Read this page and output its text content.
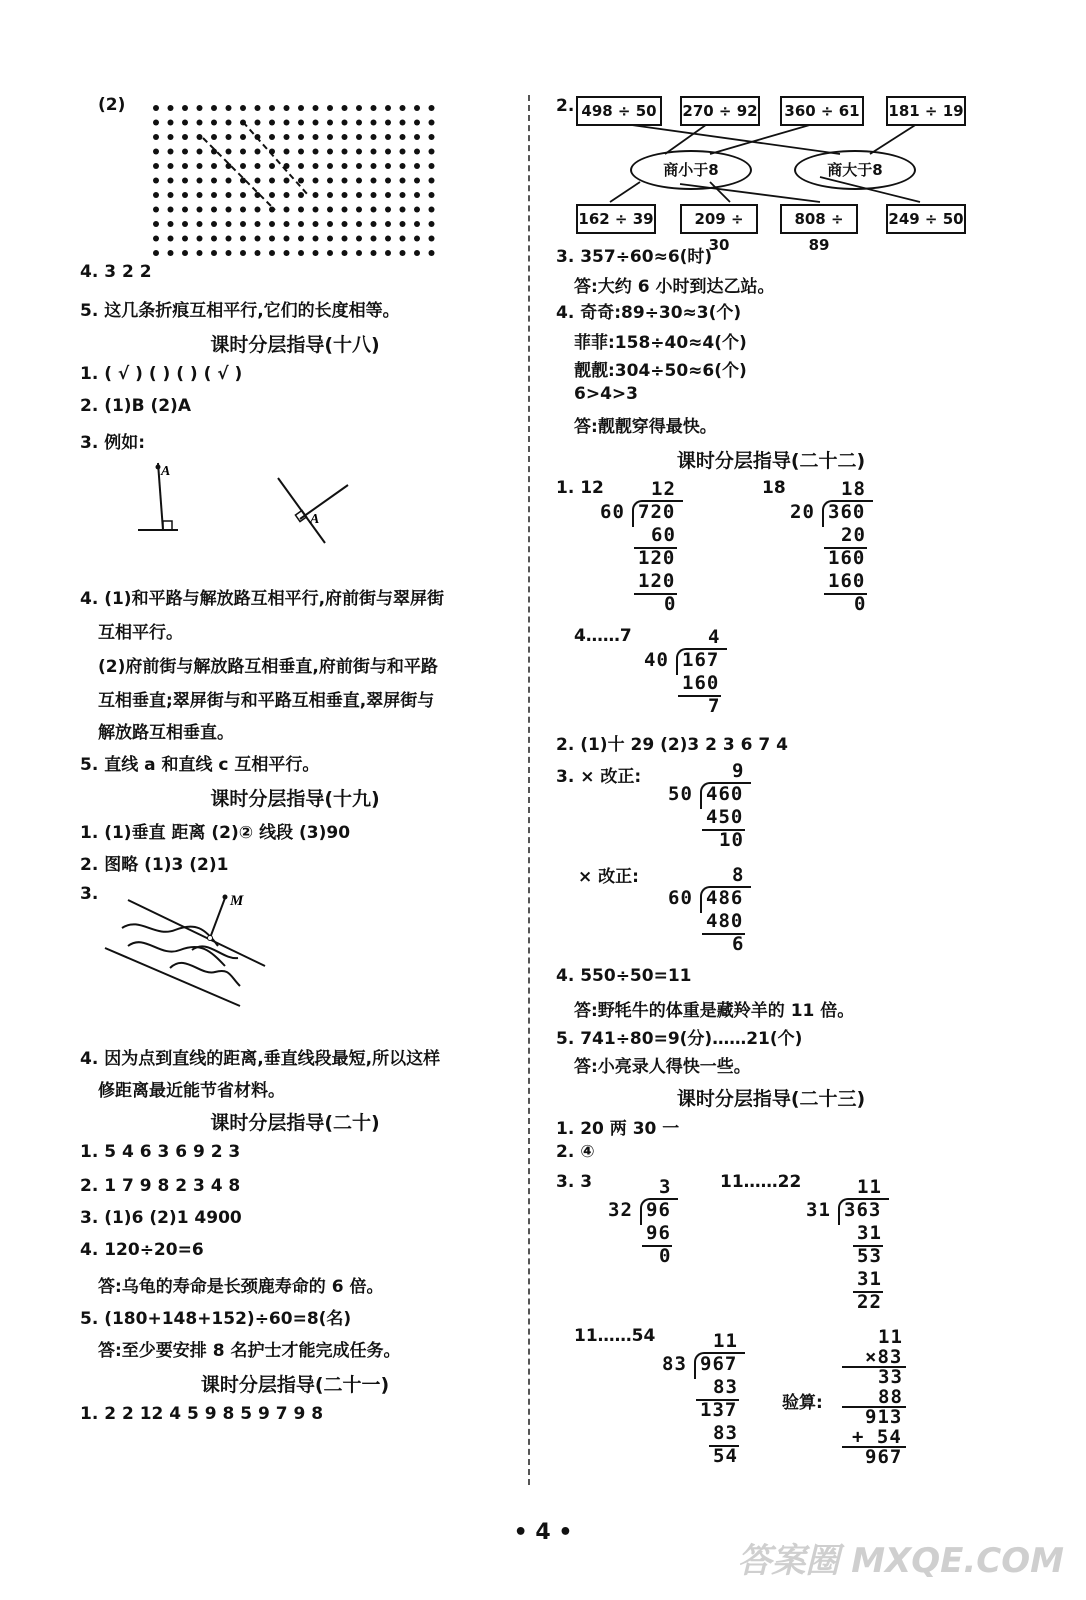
(2)
4. 3 2 2
5. 这几条折痕互相平行,它们的长度相等。
课时分层指导(十八)
1. ( √ ) ( ) ( ) ( √ )
2. (1)B (2)A
3. 例如:
A
A
4. (1)和平路与解放路互相平行,府前街与翠屏街
互相平行。
(2)府前街与解放路互相垂直,府前街与和平路
互相垂直;翠屏街与和平路互相垂直,翠屏街与
解放路互相垂直。
5. 直线 a 和直线 c 互相平行。
课时分层指导(十九)
1. (1)垂直 距离 (2)② 线段 (3)90
2. 图略 (1)3 (2)1
3.	M
4. 因为点到直线的距离,垂直线段最短,所以这样
修距离最近能节省材料。
课时分层指导(二十)
1. 5 4 6 3 6 9 2 3
2. 1 7 9 8 2 3 4 8
3. (1)6 (2)1 4900
4. 120÷20=6
答:乌龟的寿命是长颈鹿寿命的 6 倍。
5. (180+148+152)÷60=8(名)
答:至少要安排 8 名护士才能完成任务。
课时分层指导(二十一)
1. 2 2 12 4 5 9 8 5 9 7 9 8
2. 498 ÷ 50	270 ÷ 92 360 ÷ 61 181 ÷ 19
商小于8	商大于8
162 ÷ 39	209 ÷ 30
808 ÷ 89
249 ÷ 50
3. 357÷60≈6(时)
答:大约 6 小时到达乙站。
4. 奇奇:89÷30≈3(个)
菲菲:158÷40≈4(个)
靓靓:304÷50≈6(个)
6>4>3
答:靓靓穿得最快。
课时分层指导(二十二)
1. 12	18
12
60 720
60
120
120
0
18
20 360
20
160
160
0
4……7	4
40 167
160
7
2. (1)十 29 (2)3 2 3 6 7 4
3. × 改正:	9
50 460
450
10
× 改正:	8
60 486
480
6
4. 550÷50=11
答:野牦牛的体重是藏羚羊的 11 倍。
5. 741÷80=9(分)……21(个)
答:小亮录人得快一些。
课时分层指导(二十三)
1. 20 两 30 一
2. ④
3. 3	11……22
3
32 96
96
0
11
31 363
31
53
31
22
11……54	11
83 967
83
137
83
54
验算:
11
×83
33
88
913
+ 54
967
• 4 •
答案圈 MXQE.COM
